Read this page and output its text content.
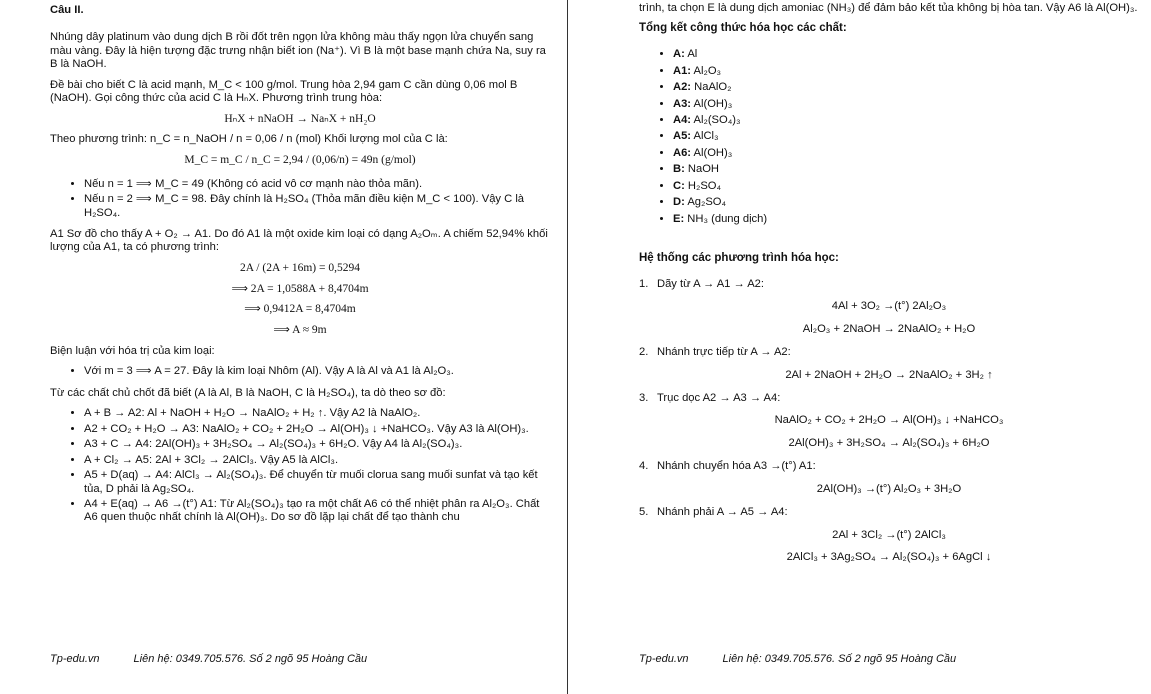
Câu II.

Nhúng dây platinum vào dung dịch B rồi đốt trên ngọn lửa không màu thấy ngọn lửa chuyển sang màu vàng. Đây là hiện tượng đặc trưng nhận biết ion (Na⁺). Vì B là một base mạnh chứa Na, suy ra B là NaOH.

Đề bài cho biết C là acid mạnh, M_C < 100 g/mol. Trung hòa 2,94 gam C cần dùng 0,06 mol B (NaOH). Gọi công thức của acid C là HₙX. Phương trình trung hòa:

HₙX + nNaOH → NaₙX + nH₂O

Theo phương trình: n_C = n_NaOH / n = 0,06 / n (mol) Khối lượng mol của C là:

M_C = m_C / n_C = 2,94 / (0,06/n) = 49n (g/mol)
• Nếu n = 1 ⟹ M_C = 49 (Không có acid vô cơ mạnh nào thỏa mãn).
• Nếu n = 2 ⟹ M_C = 98. Đây chính là H₂SO₄ (Thỏa mãn điều kiện M_C < 100). Vậy C là H₂SO₄.

A1 Sơ đồ cho thấy A + O₂ → A1. Do đó A1 là một oxide kim loại có dạng A₂Oₘ. A chiếm 52,94% khối lượng của A1, ta có phương trình:

2A / (2A + 16m) = 0,5294
⟹ 2A = 1,0588A + 8,4704m
⟹ 0,9412A = 8,4704m
⟹ A ≈ 9m

Biện luận với hóa trị của kim loại:

• Với m = 3 ⟹ A = 27. Đây là kim loại Nhôm (Al). Vậy A là Al và A1 là Al₂O₃.

Từ các chất chủ chốt đã biết (A là Al, B là NaOH, C là H₂SO₄), ta dò theo sơ đồ:

• A + B → A2: Al + NaOH + H₂O → NaAlO₂ + H₂ ↑. Vậy A2 là NaAlO₂.
• A2 + CO₂ + H₂O → A3: NaAlO₂ + CO₂ + 2H₂O → Al(OH)₃ ↓ +NaHCO₃. Vậy A3 là Al(OH)₃.
• A3 + C → A4: 2Al(OH)₃ + 3H₂SO₄ → Al₂(SO₄)₃ + 6H₂O. Vậy A4 là Al₂(SO₄)₃.
• A + Cl₂ → A5: 2Al + 3Cl₂ → 2AlCl₃. Vậy A5 là AlCl₃.
• A5 + D(aq) → A4: AlCl₃ → Al₂(SO₄)₃. Để chuyển từ muối clorua sang muối sunfat và tạo kết tủa, D phải là Ag₂SO₄.
• A4 + E(aq) → A6 →(t°) A1: Từ Al₂(SO₄)₃ tạo ra một chất A6 có thể nhiệt phân ra Al₂O₃. Chất A6 quen thuộc nhất chính là Al(OH)₃. Do sơ đồ lặp lại chất để tạo thành chu
Tp-edu.vn	Liên hệ: 0349.705.576. Số 2 ngõ 95 Hoàng Cầu

trình, ta chọn E là dung dịch amoniac (NH₃) để đảm bảo kết tủa không bị hòa tan. Vậy A6 là Al(OH)₃.

Tổng kết công thức hóa học các chất:
• A: Al
• A1: Al₂O₃
• A2: NaAlO₂
• A3: Al(OH)₃
• A4: Al₂(SO₄)₃
• A5: AlCl₃
• A6: Al(OH)₃
• B: NaOH
• C: H₂SO₄
• D: Ag₂SO₄
• E: NH₃ (dung dịch)
Hệ thống các phương trình hóa học:
1. Dãy từ A → A1 → A2:
4Al + 3O₂ →(t°) 2Al₂O₃
Al₂O₃ + 2NaOH → 2NaAlO₂ + H₂O
2. Nhánh trực tiếp từ A → A2:
2Al + 2NaOH + 2H₂O → 2NaAlO₂ + 3H₂ ↑
3. Trục dọc A2 → A3 → A4:
NaAlO₂ + CO₂ + 2H₂O → Al(OH)₃ ↓ +NaHCO₃
2Al(OH)₃ + 3H₂SO₄ → Al₂(SO₄)₃ + 6H₂O
4. Nhánh chuyển hóa A3 →(t°) A1:
2Al(OH)₃ →(t°) Al₂O₃ + 3H₂O
5. Nhánh phải A → A5 → A4:
2Al + 3Cl₂ →(t°) 2AlCl₃
2AlCl₃ + 3Ag₂SO₄ → Al₂(SO₄)₃ + 6AgCl ↓
Tp-edu.vn	Liên hệ: 0349.705.576. Số 2 ngõ 95 Hoàng Cầu
